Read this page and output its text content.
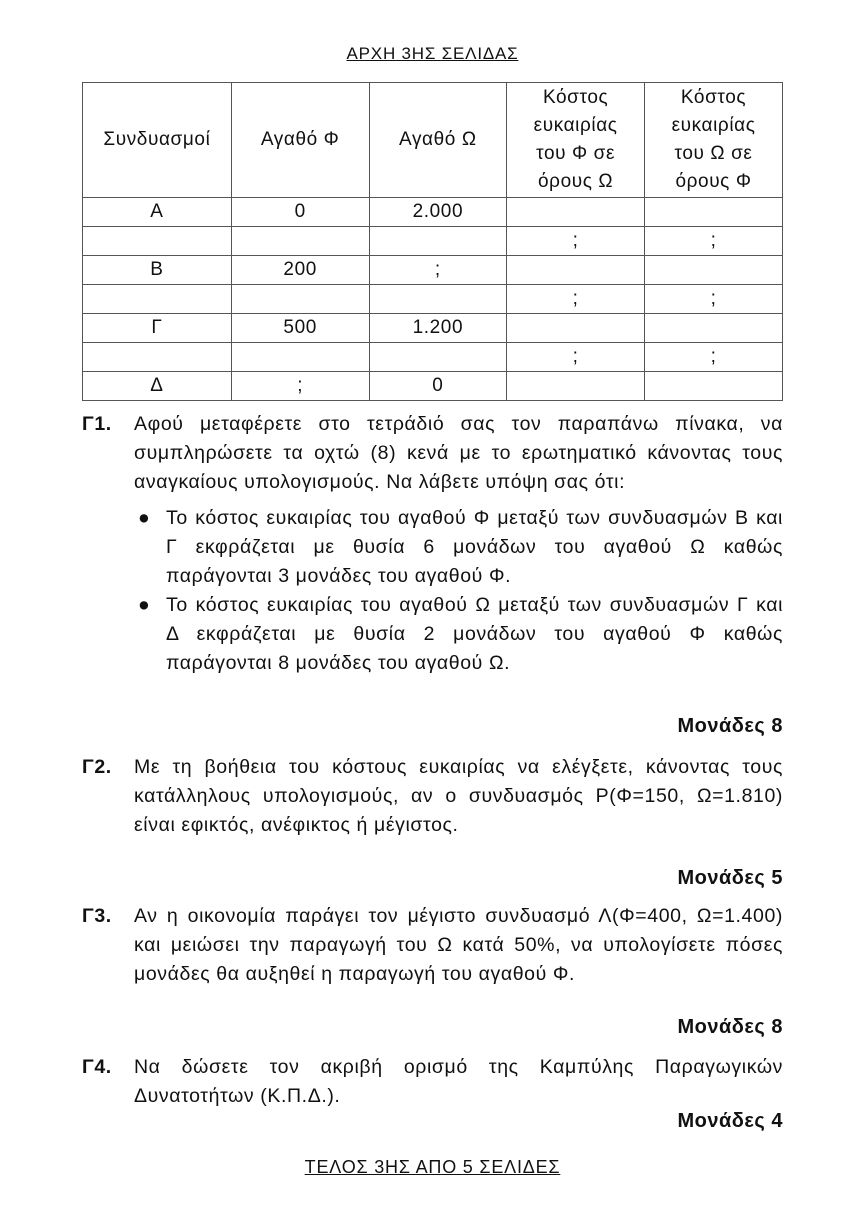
ΑΡΧΗ 3ΗΣ ΣΕΛΙΔΑΣ
Συνδυασμοί	Αγαθό Φ	Αγαθό Ω	Κόστος ευκαιρίας του Φ σε όρους Ω	Κόστος ευκαιρίας του Ω σε όρους Φ

Α	0	2.000		
			;	;
Β	200	;		
			;	;
Γ	500	1.200		
			;	;
Δ	;	0		
Γ1. Αφού μεταφέρετε στο τετράδιό σας τον παραπάνω πίνακα, να συμπληρώσετε τα οχτώ (8) κενά με το ερωτηματικό κάνοντας τους αναγκαίους υπολογισμούς. Να λάβετε υπόψη σας ότι:
● Το κόστος ευκαιρίας του αγαθού Φ μεταξύ των συνδυασμών Β και Γ εκφράζεται με θυσία 6 μονάδων του αγαθού Ω καθώς παράγονται 3 μονάδες του αγαθού Φ.
● Το κόστος ευκαιρίας του αγαθού Ω μεταξύ των συνδυασμών Γ και Δ εκφράζεται με θυσία 2 μονάδων του αγαθού Φ καθώς παράγονται 8 μονάδες του αγαθού Ω.
Μονάδες 8
Γ2. Με τη βοήθεια του κόστους ευκαιρίας να ελέγξετε, κάνοντας τους κατάλληλους υπολογισμούς, αν ο συνδυασμός Ρ(Φ=150, Ω=1.810) είναι εφικτός, ανέφικτος ή μέγιστος.
Μονάδες 5
Γ3. Αν η οικονομία παράγει τον μέγιστο συνδυασμό Λ(Φ=400, Ω=1.400) και μειώσει την παραγωγή του Ω κατά 50%, να υπολογίσετε πόσες μονάδες θα αυξηθεί η παραγωγή του αγαθού Φ.
Μονάδες 8
Γ4. Να δώσετε τον ακριβή ορισμό της Καμπύλης Παραγωγικών Δυνατοτήτων (Κ.Π.Δ.).
Μονάδες 4
ΤΕΛΟΣ 3ΗΣ ΑΠΟ 5 ΣΕΛΙΔΕΣ
